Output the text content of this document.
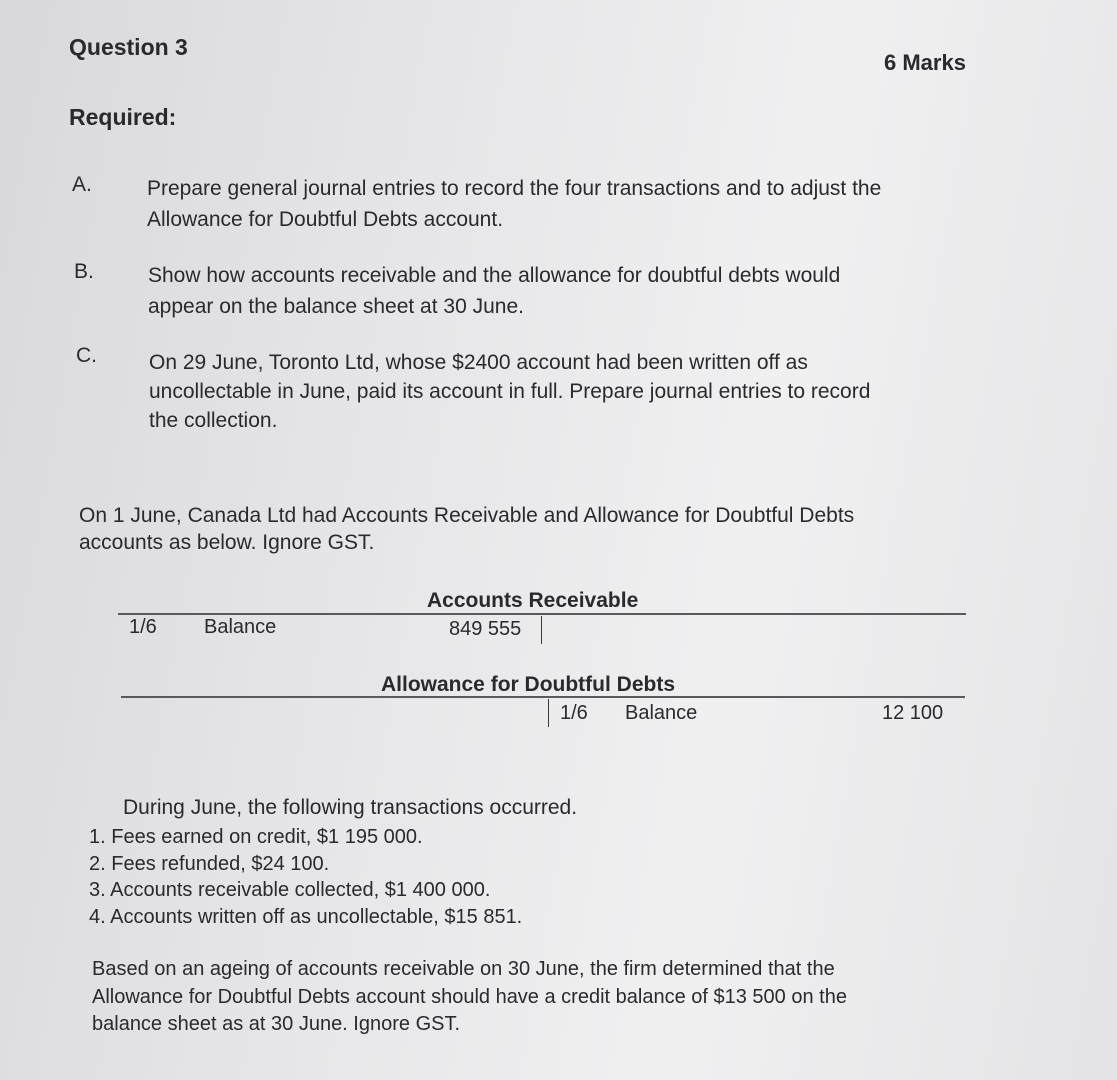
Question 3
6 Marks
Required:
A.	Prepare general journal entries to record the four transactions and to adjust the
Allowance for Doubtful Debts account.
B.	Show how accounts receivable and the allowance for doubtful debts would
appear on the balance sheet at 30 June.
C. On 29 June, Toronto Ltd, whose $2400 account had been written off as
uncollectable in June, paid its account in full. Prepare journal entries to record
the collection.
On 1 June, Canada Ltd had Accounts Receivable and Allowance for Doubtful Debts
accounts as below. Ignore GST.
Accounts Receivable
1/6 Balance	849 555
Allowance for Doubtful Debts
1/6 Balance	12 100
During June, the following transactions occurred.
1. Fees earned on credit, $1 195 000.
2. Fees refunded, $24 100.
3. Accounts receivable collected, $1 400 000.
4. Accounts written off as uncollectable, $15 851.
Based on an ageing of accounts receivable on 30 June, the firm determined that the
Allowance for Doubtful Debts account should have a credit balance of $13 500 on the
balance sheet as at 30 June. Ignore GST.
